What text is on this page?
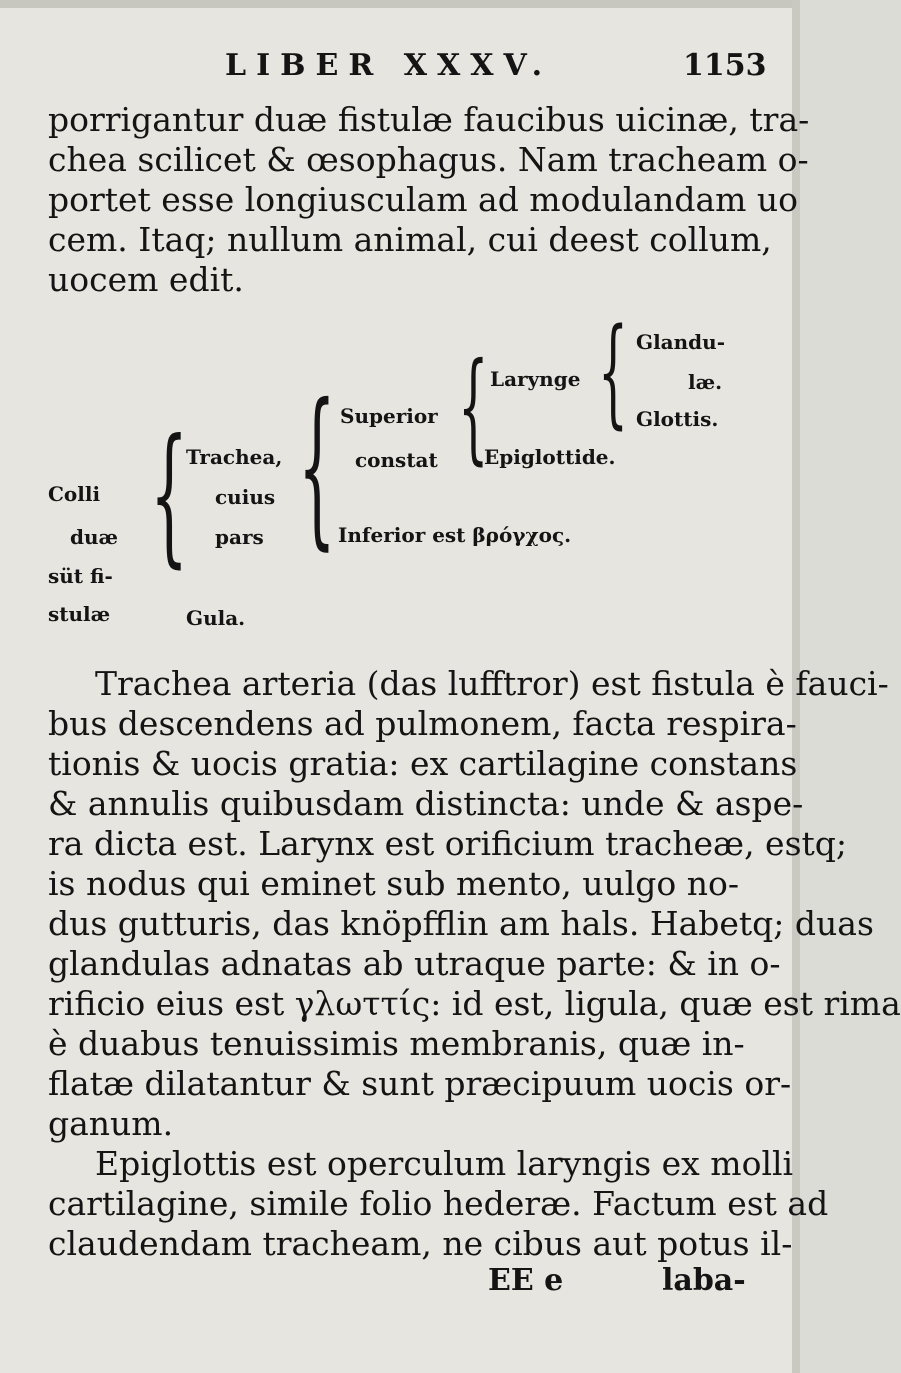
LIBER XXXV.	1153
porrigantur duæ fistulæ faucibus uicinæ, tra-
chea scilicet & œsophagus. Nam tracheam o-
portet esse longiusculam ad modulandam uo
cem. Itaq; nullum animal, cui deest collum,
uocem edit.
Colli
duæ
süt fi-
stulæ
{
Trachea,
cuius
pars
Gula.
{ Superior
constat
Inferior est βρόγχος.
{ Larynge
Epiglottide.
{ Glandu-
læ.
Glottis.
Trachea arteria (das lufftror) est fistula è fauci-
bus descendens ad pulmonem, facta respira-
tionis & uocis gratia: ex cartilagine constans
& annulis quibusdam distincta: unde & aspe-
ra dicta est. Larynx est orificium tracheæ, estq;
is nodus qui eminet sub mento, uulgo no-
dus gutturis, das knöpfflin am hals. Habetq; duas
glandulas adnatas ab utraque parte: & in o-
rificio eius est γλωττίς: id est, ligula, quæ est rima
è duabus tenuissimis membranis, quæ in-
flatæ dilatantur & sunt præcipuum uocis or-
ganum.
Epiglottis est operculum laryngis ex molli
cartilagine, simile folio hederæ. Factum est ad
claudendam tracheam, ne cibus aut potus il-
EE e	laba-
